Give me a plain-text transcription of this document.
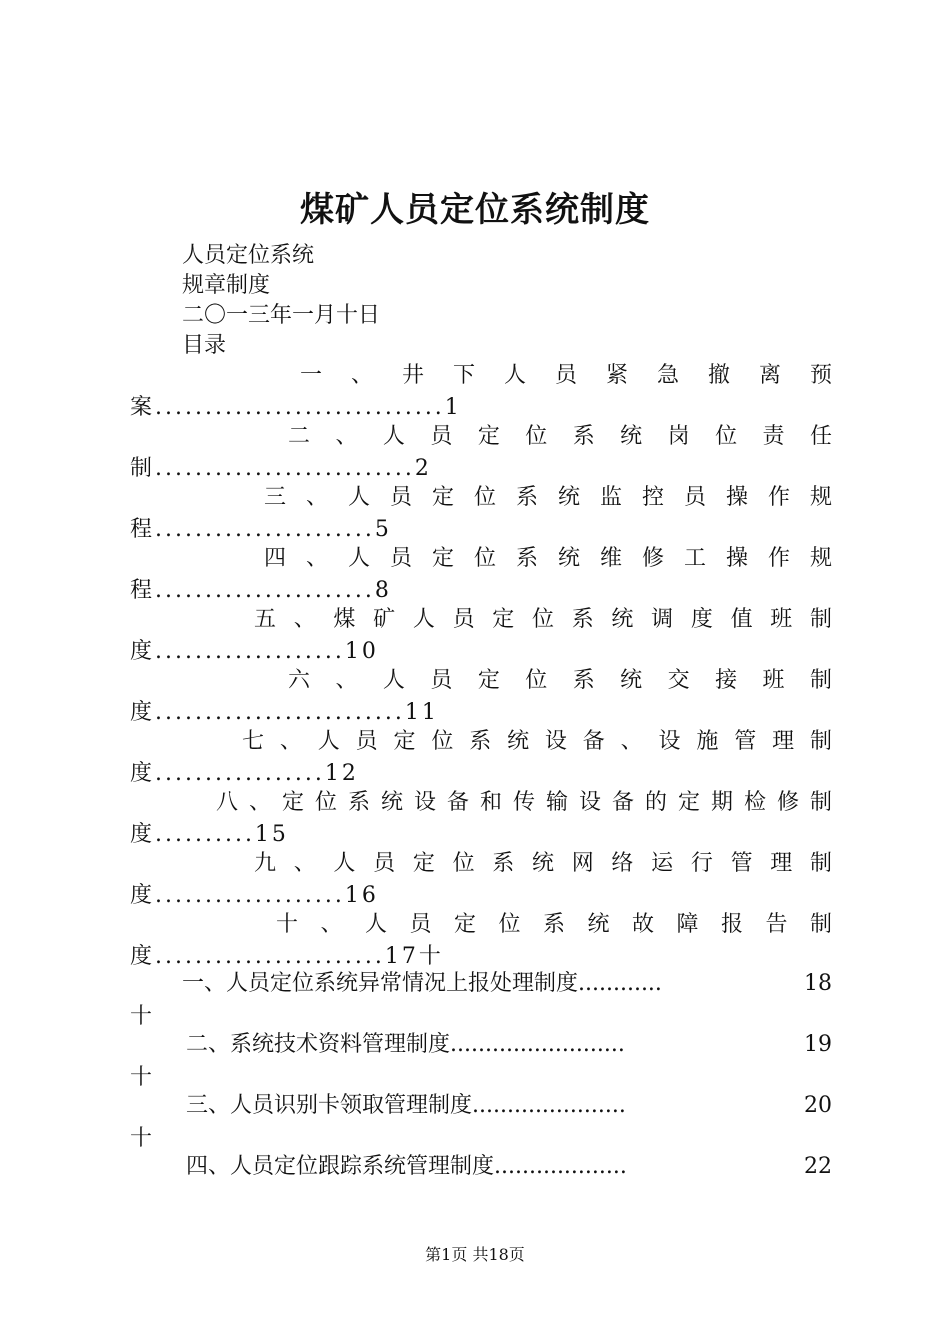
煤矿人员定位系统制度
人员定位系统
规章制度
二〇一三年一月十日
目录
一 、 井 下 人 员 紧 急 撤 离 预
案.............................1
二 、 人 员 定 位 系 统 岗 位 责 任
制..........................2
三 、 人 员 定 位 系 统 监 控 员 操 作 规
程......................5
四 、 人 员 定 位 系 统 维 修 工 操 作 规
程......................8
五 、 煤 矿 人 员 定 位 系 统 调 度 值 班 制
度...................10
六 、 人 员 定 位 系 统 交 接 班 制
度.........................11
七 、 人 员 定 位 系 统 设 备 、 设 施 管 理 制
度.................12
八 、 定 位 系 统 设 备 和 传 输 设 备 的 定 期 检 修 制
度..........15
九 、 人 员 定 位 系 统 网 络 运 行 管 理 制
度...................16
十 、 人 员 定 位 系 统 故 障 报 告 制
度.......................17十
一、人员定位系统异常情况上报处理制度............	18
十
二、系统技术资料管理制度.........................	19
十
三、人员识别卡领取管理制度......................	20
十
四、人员定位跟踪系统管理制度...................	22
第1页 共18页
